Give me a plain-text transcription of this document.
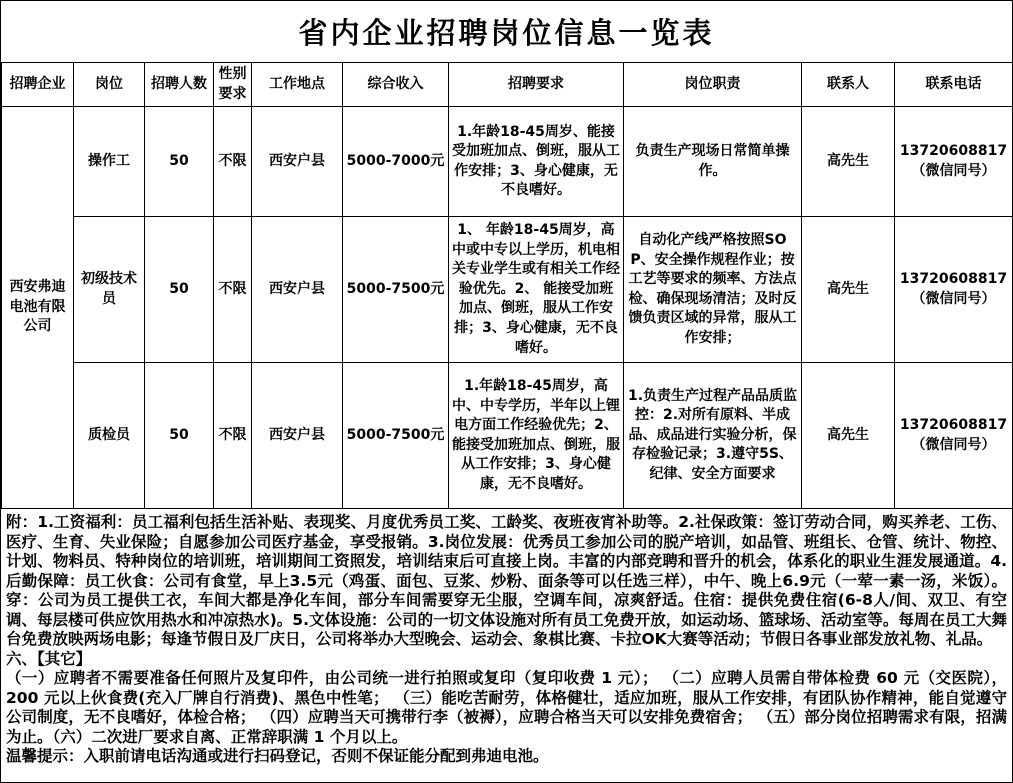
省内企业招聘岗位信息一览表
招聘企业	岗位	招聘人数	性别要求	工作地点	综合收入	招聘要求	岗位职责	联系人	联系电话
西安弗迪电池有限公司	操作工	50	不限	西安户县	5000-7000元	1.年龄18-45周岁、能接受加班加点、倒班，服从工作安排；3、身心健康，无不良嗜好。	负责生产现场日常简单操作。	高先生	13720608817
（微信同号）
	初级技术员	50	不限	西安户县	5000-7500元	1、 年龄18-45周岁，高中或中专以上学历，机电相关专业学生或有相关工作经验优先。2、 能接受加班加点、倒班，服从工作安排；3、身心健康，无不良嗜好。	自动化产线严格按照SOP、安全操作规程作业；按工艺等要求的频率、方法点检、确保现场清洁；及时反馈负责区域的异常，服从工作安排；	高先生	13720608817
（微信同号）
	质检员	50	不限	西安户县	5000-7500元	1.年龄18-45周岁，高中、中专学历，半年以上锂电方面工作经验优先；2、能接受加班加点、倒班，服从工作安排；3、身心健康，无不良嗜好。	1.负责生产过程产品品质监控：2.对所有原料、半成品、成品进行实验分析，保存检验记录；3.遵守5S、纪律、安全方面要求	高先生	13720608817
（微信同号）

附：1.工资福利：员工福利包括生活补贴、表现奖、月度优秀员工奖、工龄奖、夜班夜宵补助等。2.社保政策：签订劳动合同，购买养老、工伤、医疗、生育、失业保险；自愿参加公司医疗基金，享受报销。3.岗位发展：优秀员工参加公司的脱产培训，如品管、班组长、仓管、统计、物控、计划、物料员、特种岗位的培训班，培训期间工资照发，培训结束后可直接上岗。丰富的内部竞聘和晋升的机会，体系化的职业生涯发展通道。4.后勤保障：员工伙食：公司有食堂，早上3.5元（鸡蛋、面包、豆浆、炒粉、面条等可以任选三样），中午、晚上6.9元（一荤一素一汤，米饭）。穿：公司为员工提供工衣，车间大都是净化车间，部分车间需要穿无尘服，空调车间，凉爽舒适。住宿：提供免费住宿(6-8人/间、双卫、有空调、每层楼可供应饮用热水和冲凉热水)。5.文体设施：公司的一切文体设施对所有员工免费开放，如运动场、篮球场、活动室等。每周在员工大舞台免费放映两场电影；每逢节假日及厂庆日，公司将举办大型晚会、运动会、象棋比赛、卡拉OK大赛等活动；节假日各事业部发放礼物、礼品。

六、【其它】

（一）应聘者不需要准备任何照片及复印件，由公司统一进行拍照或复印（复印收费 1 元）； （二）应聘人员需自带体检费 60 元（交医院），200 元以上伙食费(充入厂牌自行消费)、黑色中性笔； （三）能吃苦耐劳，体格健壮，适应加班，服从工作安排，有团队协作精神，能自觉遵守公司制度，无不良嗜好，体检合格； （四）应聘当天可携带行李（被褥），应聘合格当天可以安排免费宿舍； （五）部分岗位招聘需求有限，招满为止。（六）二次进厂要求自离、正常辞职满 1 个月以上。

温馨提示：入职前请电话沟通或进行扫码登记，否则不保证能分配到弗迪电池。
